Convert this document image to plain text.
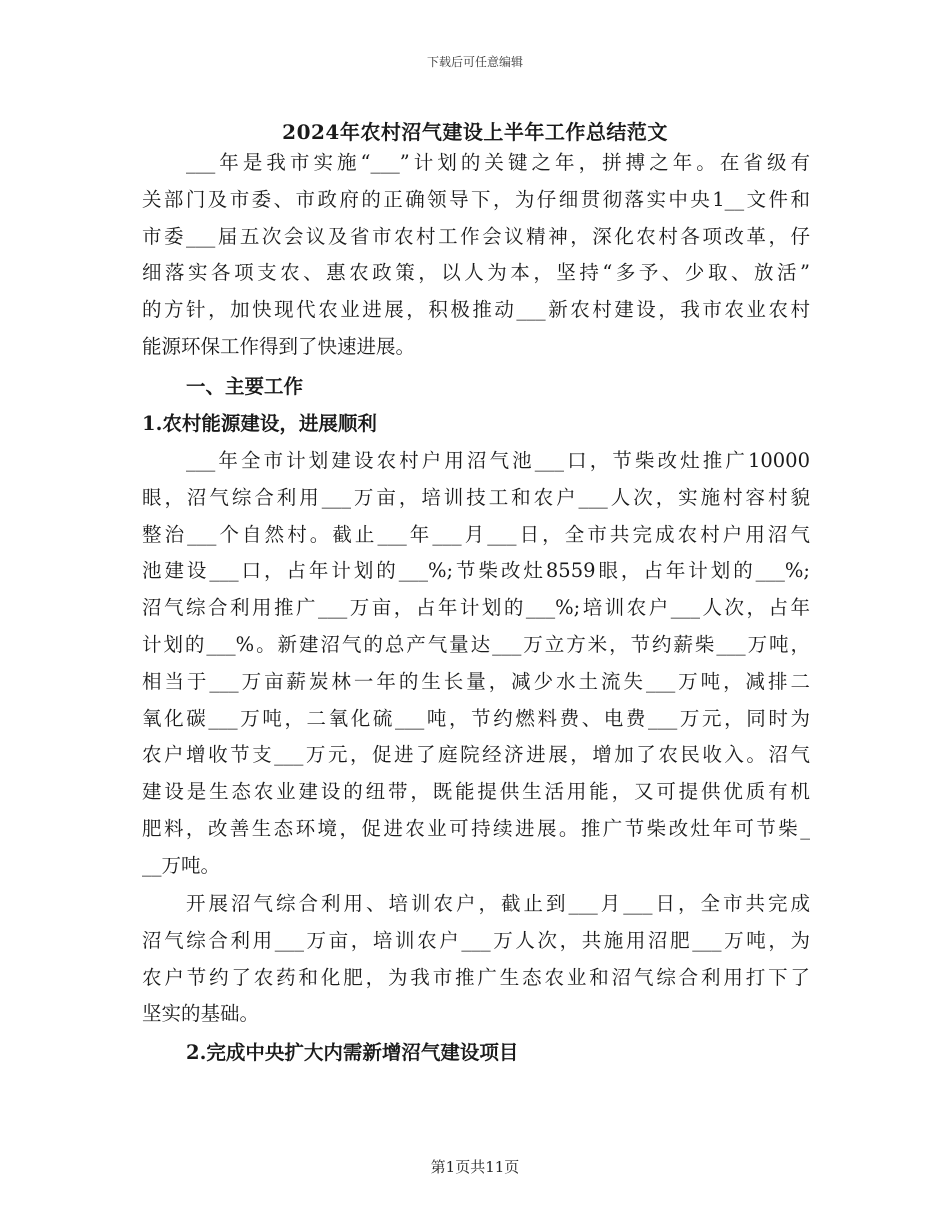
下载后可任意编辑
2024年农村沼气建设上半年工作总结范文
___年是我市实施“___”计划的关键之年，拼搏之年。在省级有
关部门及市委、市政府的正确领导下，为仔细贯彻落实中央1__文件和
市委___届五次会议及省市农村工作会议精神，深化农村各项改革，仔
细落实各项支农、惠农政策，以人为本，坚持“多予、少取、放活”
的方针，加快现代农业进展，积极推动___新农村建设，我市农业农村
能源环保工作得到了快速进展。
一、主要工作
1.农村能源建设，进展顺利
___年全市计划建设农村户用沼气池___口，节柴改灶推广10000
眼，沼气综合利用___万亩，培训技工和农户___人次，实施村容村貌
整治___个自然村。截止___年___月___日，全市共完成农村户用沼气
池建设___口，占年计划的___%;节柴改灶8559眼，占年计划的___%;
沼气综合利用推广___万亩，占年计划的___%;培训农户___人次，占年
计划的___%。新建沼气的总产气量达___万立方米，节约薪柴___万吨，
相当于___万亩薪炭林一年的生长量，减少水土流失___万吨，减排二
氧化碳___万吨，二氧化硫___吨，节约燃料费、电费___万元，同时为
农户增收节支___万元，促进了庭院经济进展，增加了农民收入。沼气
建设是生态农业建设的纽带，既能提供生活用能，又可提供优质有机
肥料，改善生态环境，促进农业可持续进展。推广节柴改灶年可节柴_
__万吨。
开展沼气综合利用、培训农户，截止到___月___日，全市共完成
沼气综合利用___万亩，培训农户___万人次，共施用沼肥___万吨，为
农户节约了农药和化肥，为我市推广生态农业和沼气综合利用打下了
坚实的基础。
2.完成中央扩大内需新增沼气建设项目
第1页共11页
